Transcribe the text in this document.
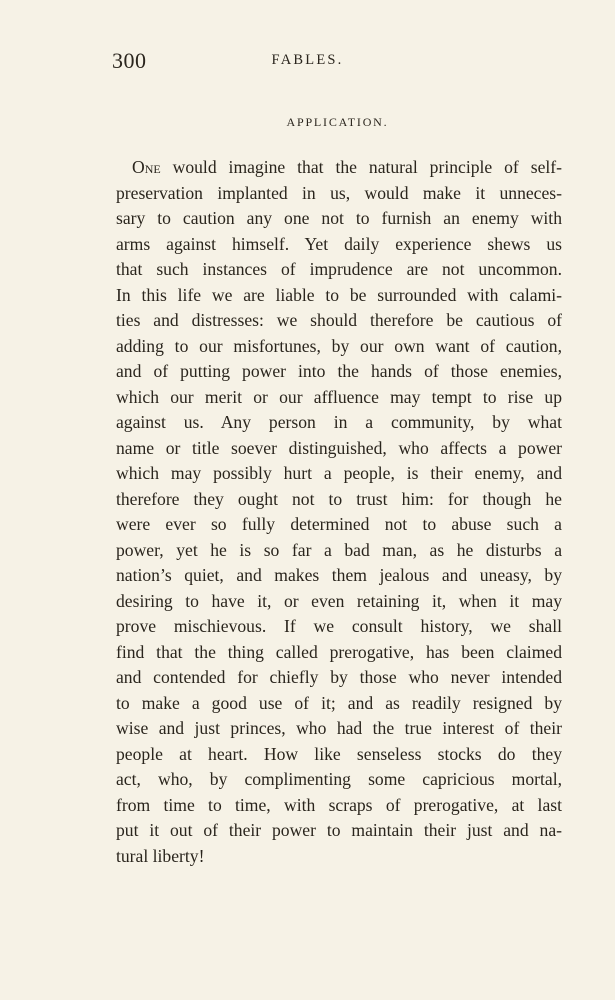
300	FABLES.
APPLICATION.

One would imagine that the natural principle of self-
preservation implanted in us, would make it unneces-
sary to caution any one not to furnish an enemy with
arms against himself. Yet daily experience shews us
that such instances of imprudence are not uncommon.
In this life we are liable to be surrounded with calami-
ties and distresses: we should therefore be cautious of
adding to our misfortunes, by our own want of caution,
and of putting power into the hands of those enemies,
which our merit or our affluence may tempt to rise up
against us. Any person in a community, by what
name or title soever distinguished, who affects a power
which may possibly hurt a people, is their enemy, and
therefore they ought not to trust him: for though he
were ever so fully determined not to abuse such a
power, yet he is so far a bad man, as he disturbs a
nation’s quiet, and makes them jealous and uneasy, by
desiring to have it, or even retaining it, when it may
prove mischievous. If we consult history, we shall
find that the thing called prerogative, has been claimed
and contended for chiefly by those who never intended
to make a good use of it; and as readily resigned by
wise and just princes, who had the true interest of their
people at heart. How like senseless stocks do they
act, who, by complimenting some capricious mortal,
from time to time, with scraps of prerogative, at last
put it out of their power to maintain their just and na-
tural liberty!
